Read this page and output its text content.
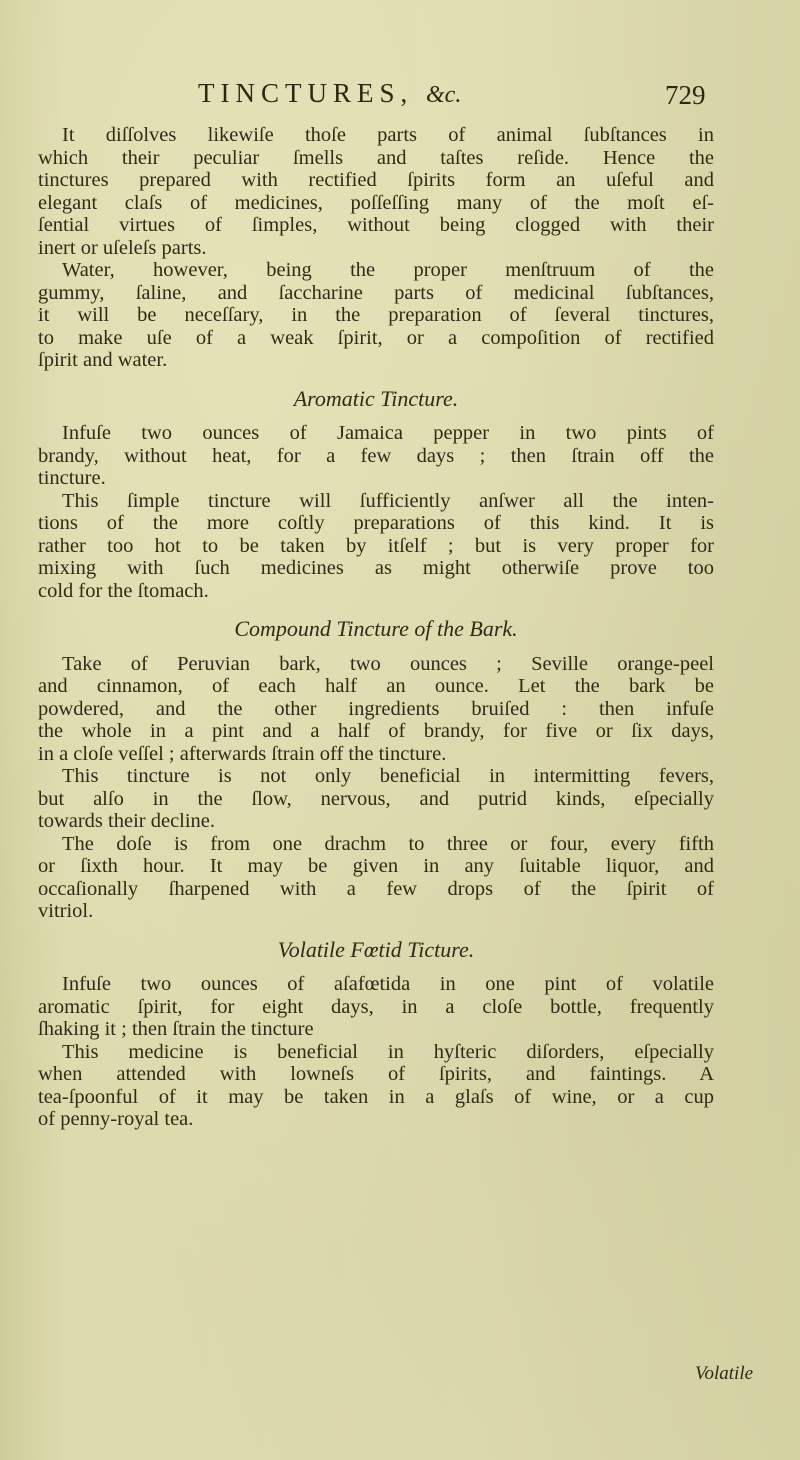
TINCTURES, &c.	729
It diſſolves likewiſe thoſe parts of animal ſubſtances in
which their peculiar ſmells and taſtes reſide. Hence the
tinctures prepared with rectified ſpirits form an uſeful and
elegant claſs of medicines, poſſeſſing many of the moſt eſ-
ſential virtues of ſimples, without being clogged with their
inert or uſeleſs parts.
Water, however, being the proper menſtruum of the
gummy, ſaline, and ſaccharine parts of medicinal ſubſtances,
it will be neceſſary, in the preparation of ſeveral tinctures,
to make uſe of a weak ſpirit, or a compoſition of rectified
ſpirit and water.
Aromatic Tincture.
Infuſe two ounces of Jamaica pepper in two pints of
brandy, without heat, for a few days ; then ſtrain off the
tincture.
This ſimple tincture will ſufficiently anſwer all the inten-
tions of the more coſtly preparations of this kind. It is
rather too hot to be taken by itſelf ; but is very proper for
mixing with ſuch medicines as might otherwiſe prove too
cold for the ſtomach.
Compound Tincture of the Bark.
Take of Peruvian bark, two ounces ; Seville orange-peel
and cinnamon, of each half an ounce. Let the bark be
powdered, and the other ingredients bruiſed : then infuſe
the whole in a pint and a half of brandy, for five or ſix days,
in a cloſe veſſel ; afterwards ſtrain off the tincture.
This tincture is not only beneficial in intermitting fevers,
but alſo in the ſlow, nervous, and putrid kinds, eſpecially
towards their decline.
The doſe is from one drachm to three or four, every fifth
or ſixth hour. It may be given in any ſuitable liquor, and
occaſionally ſharpened with a few drops of the ſpirit of
vitriol.
Volatile Fœtid Ticture.
Infuſe two ounces of aſafœtida in one pint of volatile
aromatic ſpirit, for eight days, in a cloſe bottle, frequently
ſhaking it ; then ſtrain the tincture
This medicine is beneficial in hyſteric diſorders, eſpecially
when attended with lowneſs of ſpirits, and faintings. A
tea-ſpoonful of it may be taken in a glaſs of wine, or a cup
of penny-royal tea.
Volatile
